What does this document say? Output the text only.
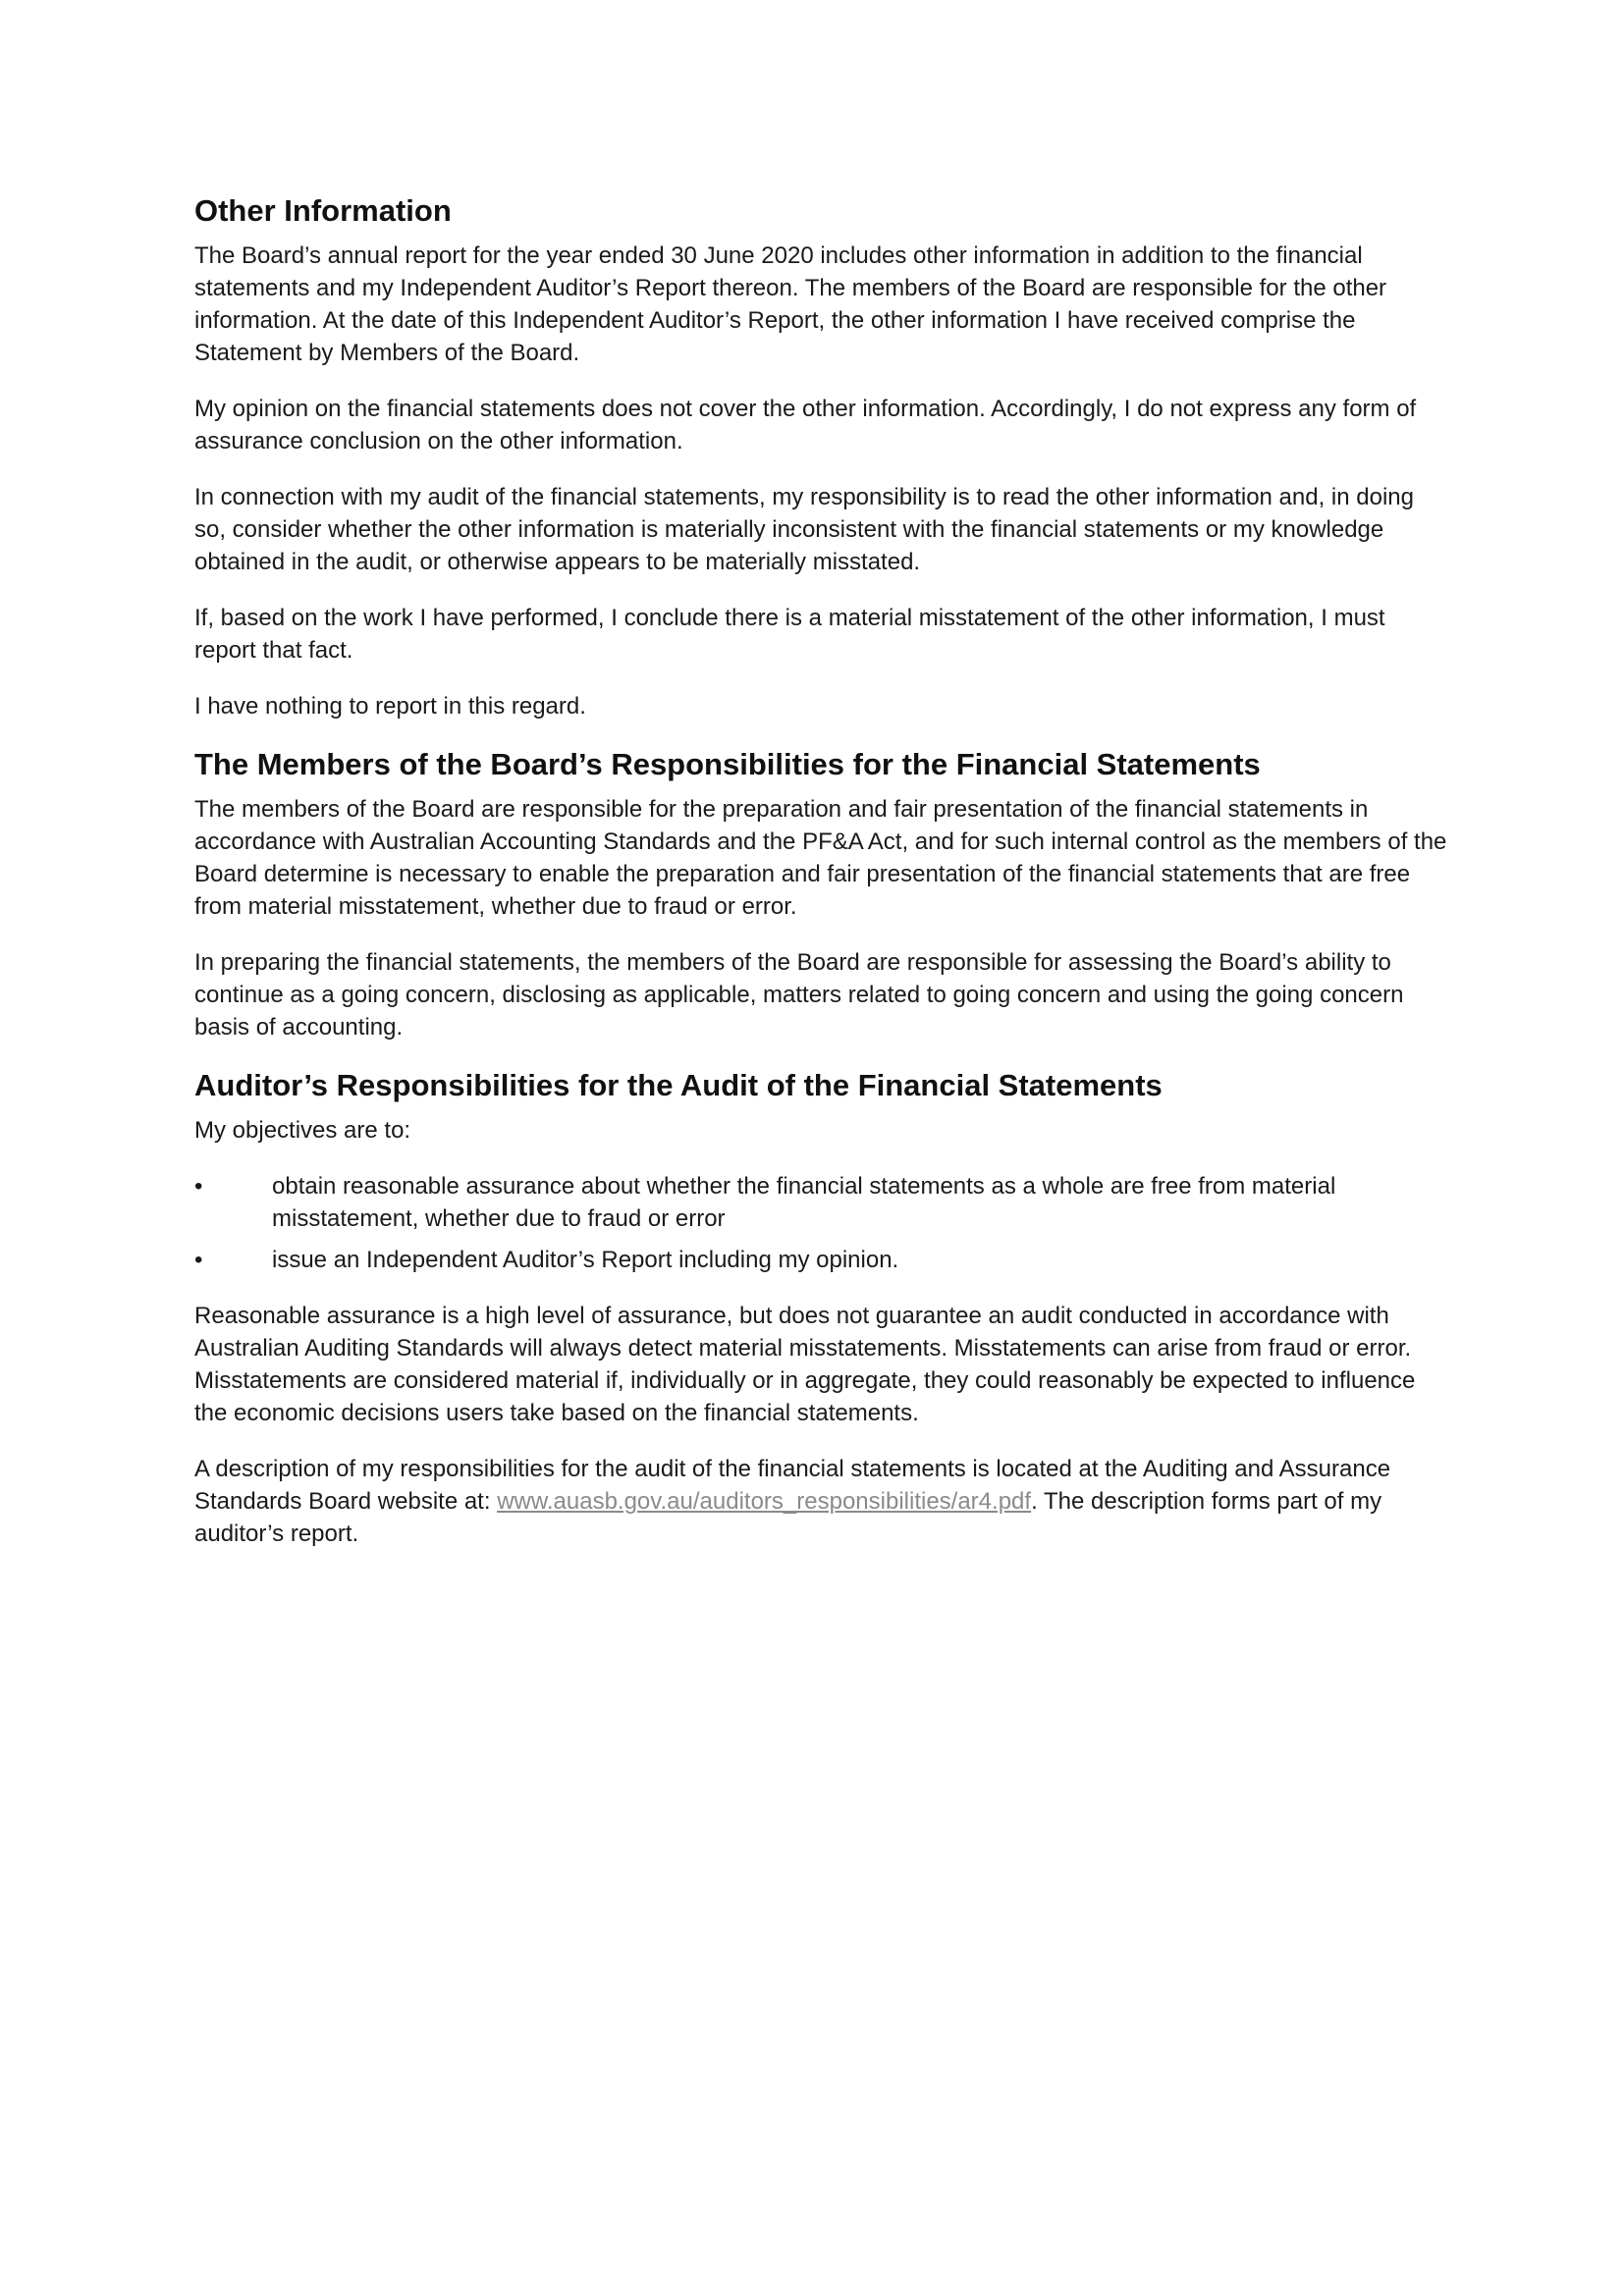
Other Information

The Board’s annual report for the year ended 30 June 2020 includes other information in addition to the financial statements and my Independent Auditor’s Report thereon. The members of the Board are responsible for the other information. At the date of this Independent Auditor’s Report, the other information I have received comprise the Statement by Members of the Board.

My opinion on the financial statements does not cover the other information. Accordingly, I do not express any form of assurance conclusion on the other information.

In connection with my audit of the financial statements, my responsibility is to read the other information and, in doing so, consider whether the other information is materially inconsistent with the financial statements or my knowledge obtained in the audit, or otherwise appears to be materially misstated.

If, based on the work I have performed, I conclude there is a material misstatement of the other information, I must report that fact.

I have nothing to report in this regard.

The Members of the Board’s Responsibilities for the Financial Statements

The members of the Board are responsible for the preparation and fair presentation of the financial statements in accordance with Australian Accounting Standards and the PF&A Act, and for such internal control as the members of the Board determine is necessary to enable the preparation and fair presentation of the financial statements that are free from material misstatement, whether due to fraud or error.

In preparing the financial statements, the members of the Board are responsible for assessing the Board’s ability to continue as a going concern, disclosing as applicable, matters related to going concern and using the going concern basis of accounting.

Auditor’s Responsibilities for the Audit of the Financial Statements

My objectives are to:

•	obtain reasonable assurance about whether the financial statements as a whole are free from material misstatement, whether due to fraud or error
•	issue an Independent Auditor’s Report including my opinion.

Reasonable assurance is a high level of assurance, but does not guarantee an audit conducted in accordance with Australian Auditing Standards will always detect material misstatements. Misstatements can arise from fraud or error. Misstatements are considered material if, individually or in aggregate, they could reasonably be expected to influence the economic decisions users take based on the financial statements.

A description of my responsibilities for the audit of the financial statements is located at the Auditing and Assurance Standards Board website at: www.auasb.gov.au/auditors_responsibilities/ar4.pdf. The description forms part of my auditor’s report.
